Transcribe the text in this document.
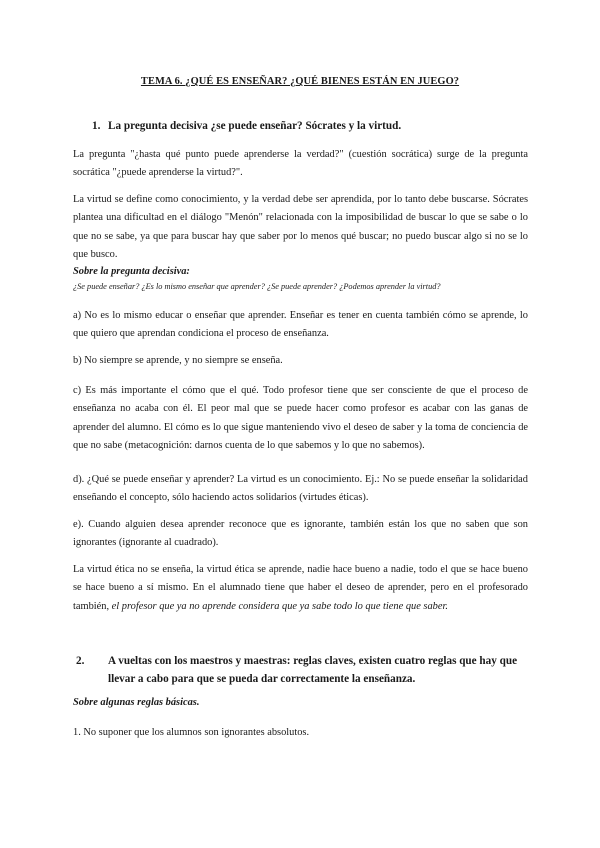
TEMA 6. ¿QUÉ ES ENSEÑAR? ¿QUÉ BIENES ESTÁN EN JUEGO?
1. La pregunta decisiva ¿se puede enseñar? Sócrates y la virtud.
La pregunta "¿hasta qué punto puede aprenderse la verdad?" (cuestión socrática) surge de la pregunta socrática "¿puede aprenderse la virtud?".
La virtud se define como conocimiento, y la verdad debe ser aprendida, por lo tanto debe buscarse. Sócrates plantea una dificultad en el diálogo "Menón" relacionada con la imposibilidad de buscar lo que se sabe o lo que no se sabe, ya que para buscar hay que saber por lo menos qué buscar; no puedo buscar algo si no se lo que busco.
Sobre la pregunta decisiva:
¿Se puede enseñar? ¿Es lo mismo enseñar que aprender? ¿Se puede aprender? ¿Podemos aprender la virtud?
a) No es lo mismo educar o enseñar que aprender. Enseñar es tener en cuenta también cómo se aprende, lo que quiero que aprendan condiciona el proceso de enseñanza.
b) No siempre se aprende, y no siempre se enseña.
c) Es más importante el cómo que el qué. Todo profesor tiene que ser consciente de que el proceso de enseñanza no acaba con él. El peor mal que se puede hacer como profesor es acabar con las ganas de aprender del alumno. El cómo es lo que sigue manteniendo vivo el deseo de saber y la toma de conciencia de que no sabe (metacognición: darnos cuenta de lo que sabemos y lo que no sabemos).
d). ¿Qué se puede enseñar y aprender? La virtud es un conocimiento. Ej.: No se puede enseñar la solidaridad enseñando el concepto, sólo haciendo actos solidarios (virtudes éticas).
e). Cuando alguien desea aprender reconoce que es ignorante, también están los que no saben que son ignorantes (ignorante al cuadrado).
La virtud ética no se enseña, la virtud ética se aprende, nadie hace bueno a nadie, todo el que se hace bueno se hace bueno a sí mismo. En el alumnado tiene que haber el deseo de aprender, pero en el profesorado también, el profesor que ya no aprende considera que ya sabe todo lo que tiene que saber.
2. A vueltas con los maestros y maestras: reglas claves, existen cuatro reglas que hay que llevar a cabo para que se pueda dar correctamente la enseñanza.
Sobre algunas reglas básicas.
1. No suponer que los alumnos son ignorantes absolutos.
